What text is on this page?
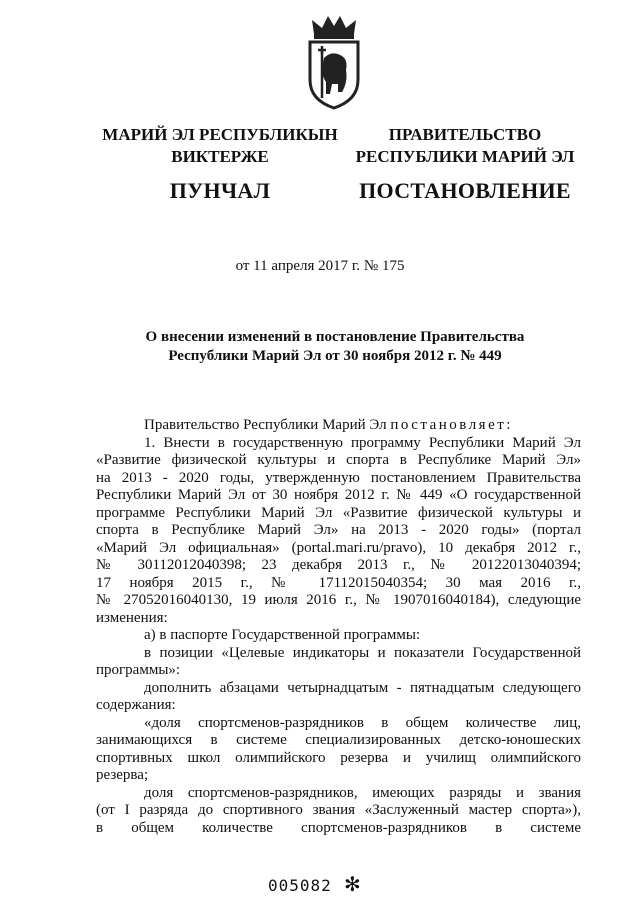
МАРИЙ ЭЛ РЕСПУБЛИКЫН
ВИКТЕРЖЕ
ПУНЧАЛ
ПРАВИТЕЛЬСТВО
РЕСПУБЛИКИ МАРИЙ ЭЛ
ПОСТАНОВЛЕНИЕ
от 11 апреля 2017 г. № 175
О внесении изменений в постановление Правительства
Республики Марий Эл от 30 ноября 2012 г. № 449

Правительство Республики Марий Эл постановляет:

1. Внести в государственную программу Республики Марий Эл

«Развитие физической культуры и спорта в Республике Марий Эл»

на 2013 - 2020 годы, утвержденную постановлением Правительства

Республики Марий Эл от 30 ноября 2012 г. № 449 «О государственной

программе Республики Марий Эл «Развитие физической культуры и

спорта в Республике Марий Эл» на 2013 - 2020 годы» (портал

«Марий Эл официальная» (portal.mari.ru/pravo), 10 декабря 2012 г.,

№ 30112012040398; 23 декабря 2013 г., № 20122013040394;

17 ноября 2015 г., № 17112015040354; 30 мая 2016 г.,

№ 27052016040130, 19 июля 2016 г., № 1907016040184), следующие

изменения:

а) в паспорте Государственной программы:

в позиции «Целевые индикаторы и показатели Государственной

программы»:

дополнить абзацами четырнадцатым - пятнадцатым следующего

содержания:

«доля спортсменов-разрядников в общем количестве лиц,

занимающихся в системе специализированных детско-юношеских

спортивных школ олимпийского резерва и училищ олимпийского

резерва;

доля спортсменов-разрядников, имеющих разряды и звания

(от I разряда до спортивного звания «Заслуженный мастер спорта»),

в общем количестве спортсменов-разрядников в системе

005082 ✻
